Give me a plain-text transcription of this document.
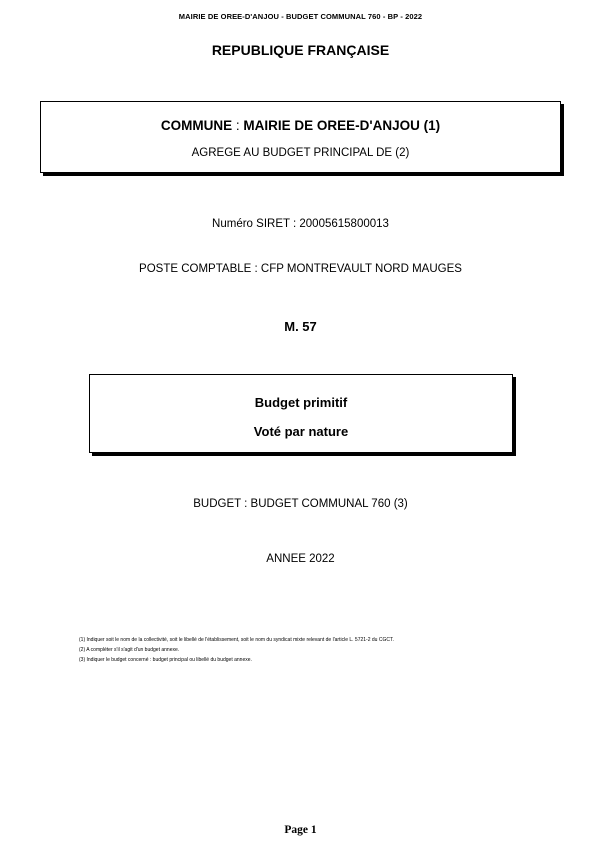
MAIRIE DE OREE-D'ANJOU - BUDGET COMMUNAL 760 - BP - 2022
REPUBLIQUE FRANÇAISE
COMMUNE : MAIRIE DE OREE-D'ANJOU (1)
AGREGE AU BUDGET PRINCIPAL DE (2)
Numéro SIRET : 20005615800013
POSTE COMPTABLE : CFP MONTREVAULT NORD MAUGES
M. 57
Budget primitif
Voté par nature
BUDGET : BUDGET COMMUNAL 760 (3)
ANNEE 2022
(1) Indiquer soit le nom de la collectivité, soit le libellé de l'établissement, soit le nom du syndicat mixte relevant de l'article L. 5721-2 du CGCT.
(2) A compléter s'il s'agit d'un budget annexe.
(3) Indiquer le budget concerné : budget principal ou libellé du budget annexe.
Page 1
